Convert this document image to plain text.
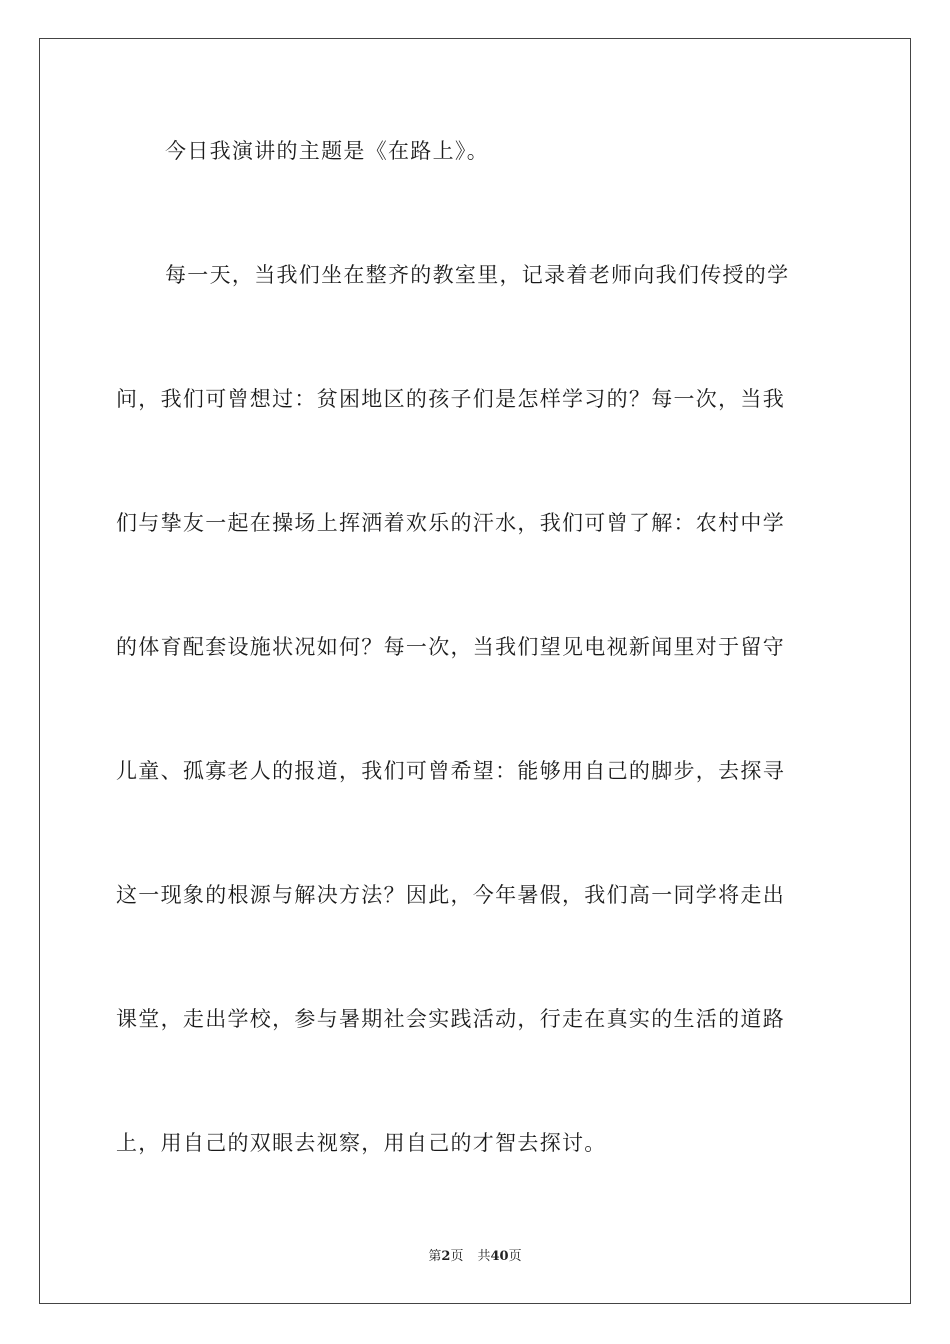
今日我演讲的主题是《在路上》。
每一天，当我们坐在整齐的教室里，记录着老师向我们传授的学
问，我们可曾想过：贫困地区的孩子们是怎样学习的？每一次，当我
们与挚友一起在操场上挥洒着欢乐的汗水，我们可曾了解：农村中学
的体育配套设施状况如何？每一次，当我们望见电视新闻里对于留守
儿童、孤寡老人的报道，我们可曾希望：能够用自己的脚步，去探寻
这一现象的根源与解决方法？因此，今年暑假，我们高一同学将走出
课堂，走出学校，参与暑期社会实践活动，行走在真实的生活的道路
上，用自己的双眼去视察，用自己的才智去探讨。
第2页 共40页
